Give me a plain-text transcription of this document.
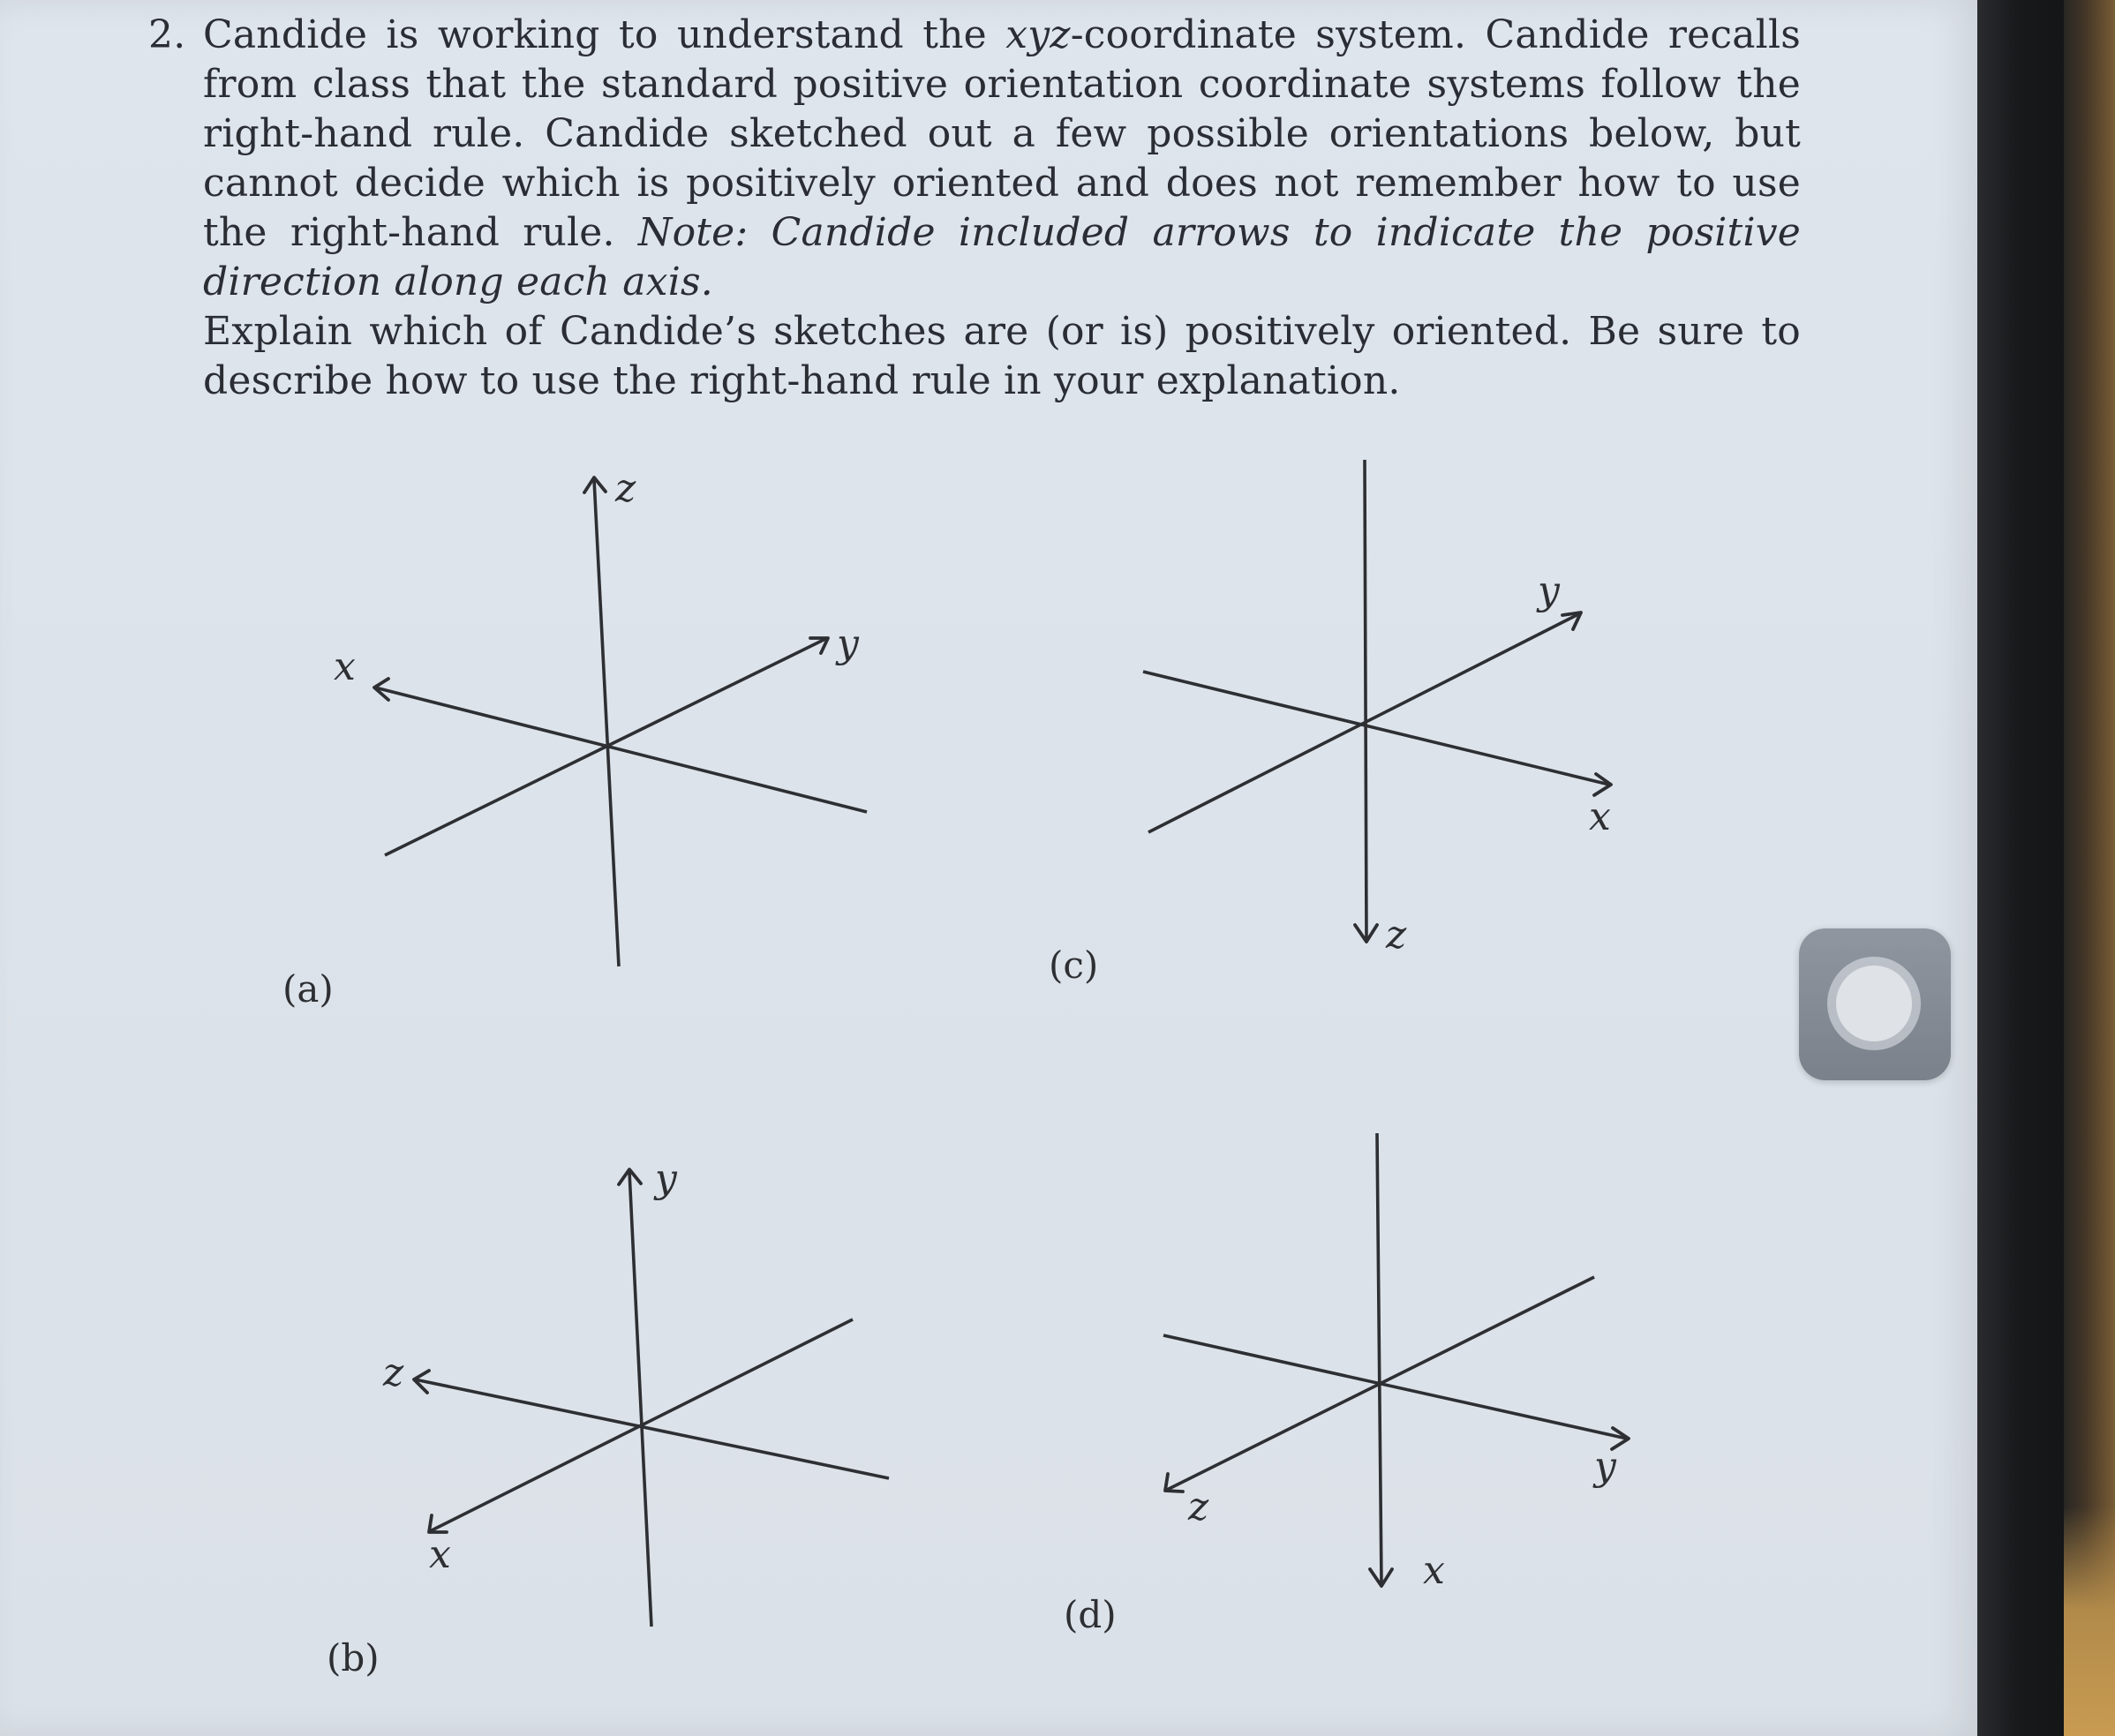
2. Candide is working to understand the xyz-coordinate system. Candide recalls from class that the standard positive orientation coordinate systems follow the right-hand rule. Candide sketched out a few possible orientations below, but cannot decide which is positively oriented and does not remember how to use the right-hand rule. Note: Candide included arrows to indicate the positive direction along each axis.

Explain which of Candide’s sketches are (or is) positively oriented. Be sure to describe how to use the right-hand rule in your explanation.

z
x
y
(a)
y
z
x
(b)
z
x
y
(c)
x
y
z
(d)
